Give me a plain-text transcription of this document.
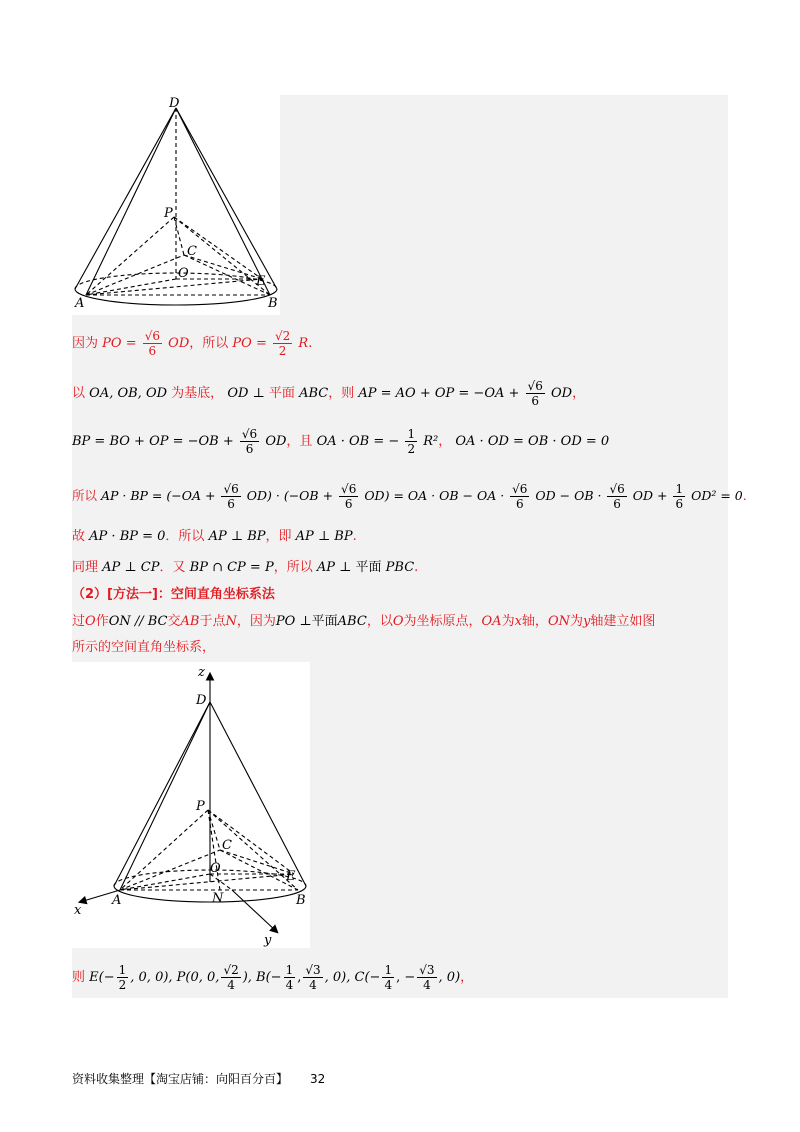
D
P
C
O
A	B
E
因为 PO = $\frac{√6}{6}$ OD，所以 PO = $\frac{√2}{2} R$.
以 OA, OB, OD 为基底， OD ⊥ 平面 ABC，则 AP = AO + OP = $-OA + \frac{√6}{6}$ OD，
BP = BO + OP = $-OB + \frac{√6}{6}$ OD，且 OA · OB = − $\frac{1}{2} R^2$， OA · OD = OB · OD = 0
所以 AP · BP = $(-OA + \frac{√6}{6} OD) \cdot (-OB + \frac{√6}{6} OD)$ = OA · OB − OA · $\frac{√6}{6}$ OD − OB · $\frac{√6}{6}$ OD + $\frac{1}{6} OD^2 = 0$.
故 AP · BP = 0．所以 AP ⊥ BP，即 AP ⊥ BP.
同理 AP ⊥ CP．又 BP ∩ CP = P，所以 AP ⊥ 平面 PBC.
（2）[方法一]：空间直角坐标系法
过O作ON // BC交AB于点N，因为PO ⊥平面ABC，以O为坐标原点，OA为x轴，ON为y轴建立如图
所示的空间直角坐标系，
z
D
P
C
O
E
A	N	B
x
y
则 $E(- \frac{1}{2}$ , 0, 0), P(0, 0, $\frac{√2}{4}$ ), $B(- \frac{1}{4}$ , $\frac{√3}{4}$ , 0), $C(- \frac{1}{4}$ , − $\frac{√3}{4}$ , 0)，
资料收集整理【淘宝店铺：向阳百分百】 32
